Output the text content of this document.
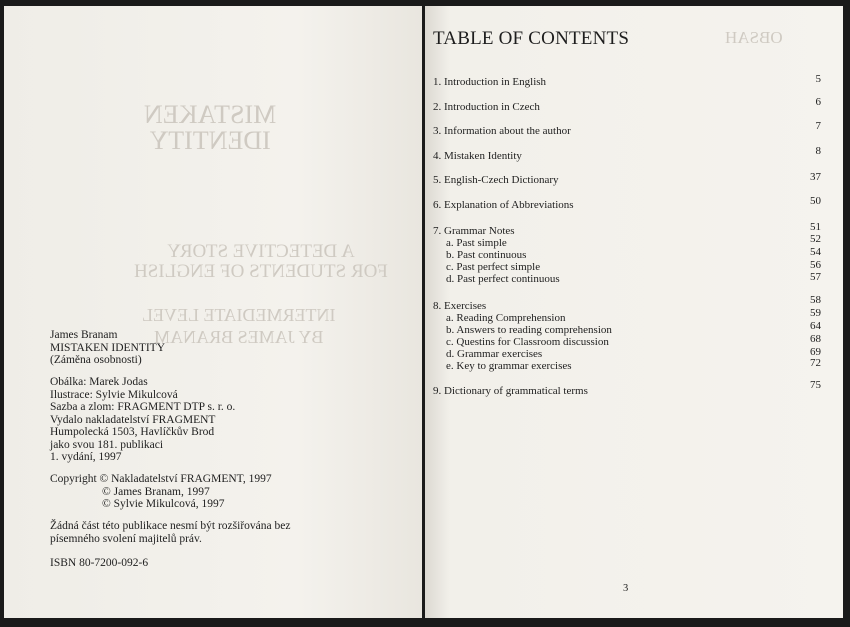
MISTAKEN
IDENTITY
A DETECTIVE STORY
FOR STUDENTS OF ENGLISH
INTERMEDIATE LEVEL
BY JAMES BRANAM
James Branam
MISTAKEN IDENTITY
(Záměna osobnosti)
Obálka: Marek Jodas
Ilustrace: Sylvie Mikulcová
Sazba a zlom: FRAGMENT DTP s. r. o.
Vydalo nakladatelství FRAGMENT
Humpolecká 1503, Havlíčkův Brod
jako svou 181. publikaci
1. vydání, 1997
Copyright © Nakladatelství FRAGMENT, 1997
© James Branam, 1997
© Sylvie Mikulcová, 1997
Žádná část této publikace nesmí být rozšiřována bez
písemného svolení majitelů práv.
ISBN 80-7200-092-6
OBSAH
TABLE OF CONTENTS
1. Introduction in English	5
2. Introduction in Czech	6
3. Information about the author	7
4. Mistaken Identity	8
5. English-Czech Dictionary	37
6. Explanation of Abbreviations	50
7. Grammar Notes	51
a. Past simple	52
b. Past continuous	54
c. Past perfect simple	56
d. Past perfect continuous	57
8. Exercises	58
a. Reading Comprehension	59
b. Answers to reading comprehension	64
c. Questins for Classroom discussion	68
d. Grammar exercises	69
e. Key to grammar exercises	72
9. Dictionary of grammatical terms	75
3
